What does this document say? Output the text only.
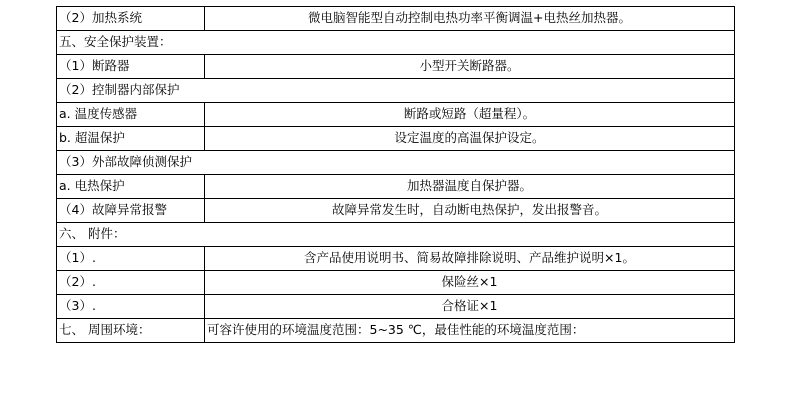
（2）加热系统	微电脑智能型自动控制电热功率平衡调温+电热丝加热器。
五、安全保护装置：	
（1）断路器	小型开关断路器。
（2）控制器内部保护	
a. 温度传感器	断路或短路（超量程）。
b. 超温保护	设定温度的高温保护设定。
（3）外部故障侦测保护	
a. 电热保护	加热器温度自保护器。
（4）故障异常报警	故障异常发生时，自动断电热保护，发出报警音。
六、 附件：	
（1）.	含产品使用说明书、简易故障排除说明、产品维护说明×1。
（2）.	保险丝×1
（3）.	合格证×1
七、 周围环境：	可容许使用的环境温度范围：5~35 ℃，最佳性能的环境温度范围：
